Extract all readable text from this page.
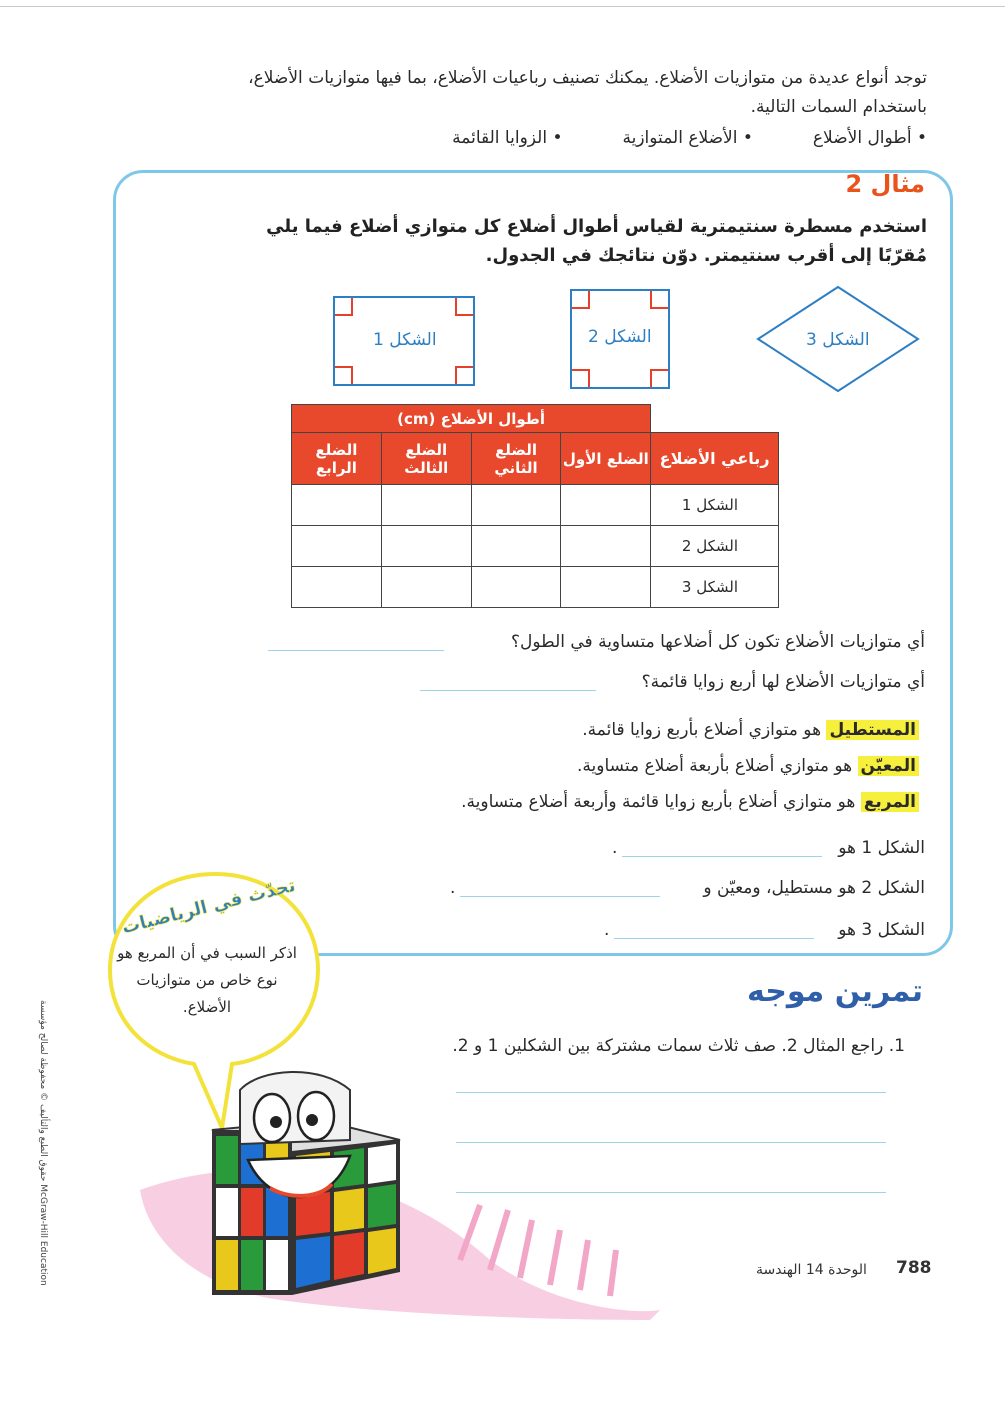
توجد أنواع عديدة من متوازيات الأضلاع. يمكنك تصنيف رباعيات الأضلاع، بما فيها متوازيات الأضلاع، باستخدام السمات التالية.
• أطوال الأضلاع
• الأضلاع المتوازية
• الزوايا القائمة
مثال 2
استخدم مسطرة سنتيمترية لقياس أطوال أضلاع كل متوازي أضلاع فيما يلي مُقرّبًا إلى أقرب سنتيمتر. دوّن نتائجك في الجدول.
الشكل 1	الشكل 2	الشكل 3
	أطوال الأضلاع (cm)			
رباعي الأضلاع	الضلع الأول	الضلع الثاني	الضلع الثالث	الضلع الرابع
الشكل 1				
الشكل 2				
الشكل 3				
أي متوازيات الأضلاع تكون كل أضلاعها متساوية في الطول؟
أي متوازيات الأضلاع لها أربع زوايا قائمة؟
المستطيل هو متوازي أضلاع بأربع زوايا قائمة.
المعيّن هو متوازي أضلاع بأربعة أضلاع متساوية.
المربع هو متوازي أضلاع بأربع زوايا قائمة وأربعة أضلاع متساوية.
الشكل 1 هو
.
الشكل 2 هو مستطيل، ومعيّن و
.
الشكل 3 هو
.
تمرين موجه
1. راجع المثال 2. صف ثلاث سمات مشتركة بين الشكلين 1 و 2.
تحدّث في الرياضيات
اذكر السبب في أن المربع هو نوع خاص من متوازيات الأضلاع.
حقوق الطبع والتأليف © محفوظة لصالح مؤسسة McGraw-Hill Education	788
الوحدة 14 الهندسة
